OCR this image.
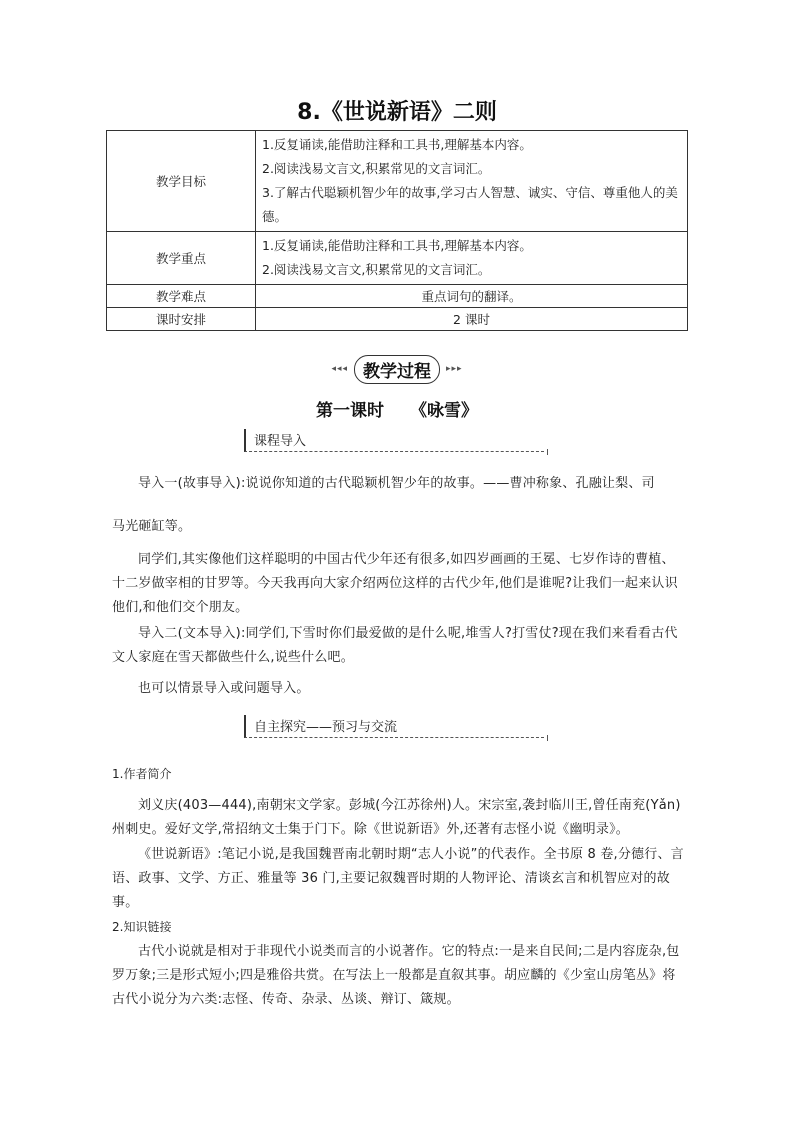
8.《世说新语》二则
教学目标	1.反复诵读,能借助注释和工具书,理解基本内容。
2.阅读浅易文言文,积累常见的文言词汇。
3.了解古代聪颖机智少年的故事,学习古人智慧、诚实、守信、尊重他人的美德。

教学重点	1.反复诵读,能借助注释和工具书,理解基本内容。
2.阅读浅易文言文,积累常见的文言词汇。

教学难点	重点词句的翻译。
课时安排	2 课时
◂◂◂ 教学过程	▸▸▸
第一课时 《咏雪》
课程导入
导入一(故事导入):说说你知道的古代聪颖机智少年的故事。——曹冲称象、孔融让梨、司
马光砸缸等。
同学们,其实像他们这样聪明的中国古代少年还有很多,如四岁画画的王冕、七岁作诗的曹植、十二岁做宰相的甘罗等。今天我再向大家介绍两位这样的古代少年,他们是谁呢?让我们一起来认识他们,和他们交个朋友。
导入二(文本导入):同学们,下雪时你们最爱做的是什么呢,堆雪人?打雪仗?现在我们来看看古代文人家庭在雪天都做些什么,说些什么吧。
也可以情景导入或问题导入。
自主探究——预习与交流
1.作者简介
刘义庆(403—444),南朝宋文学家。彭城(今江苏徐州)人。宋宗室,袭封临川王,曾任南兖(Yǎn)州刺史。爱好文学,常招纳文士集于门下。除《世说新语》外,还著有志怪小说《幽明录》。
《世说新语》:笔记小说,是我国魏晋南北朝时期“志人小说”的代表作。全书原 8 卷,分德行、言语、政事、文学、方正、雅量等 36 门,主要记叙魏晋时期的人物评论、清谈玄言和机智应对的故事。
2.知识链接
古代小说就是相对于非现代小说类而言的小说著作。它的特点:一是来自民间;二是内容庞杂,包罗万象;三是形式短小;四是雅俗共赏。在写法上一般都是直叙其事。胡应麟的《少室山房笔丛》将古代小说分为六类:志怪、传奇、杂录、丛谈、辩订、箴规。
